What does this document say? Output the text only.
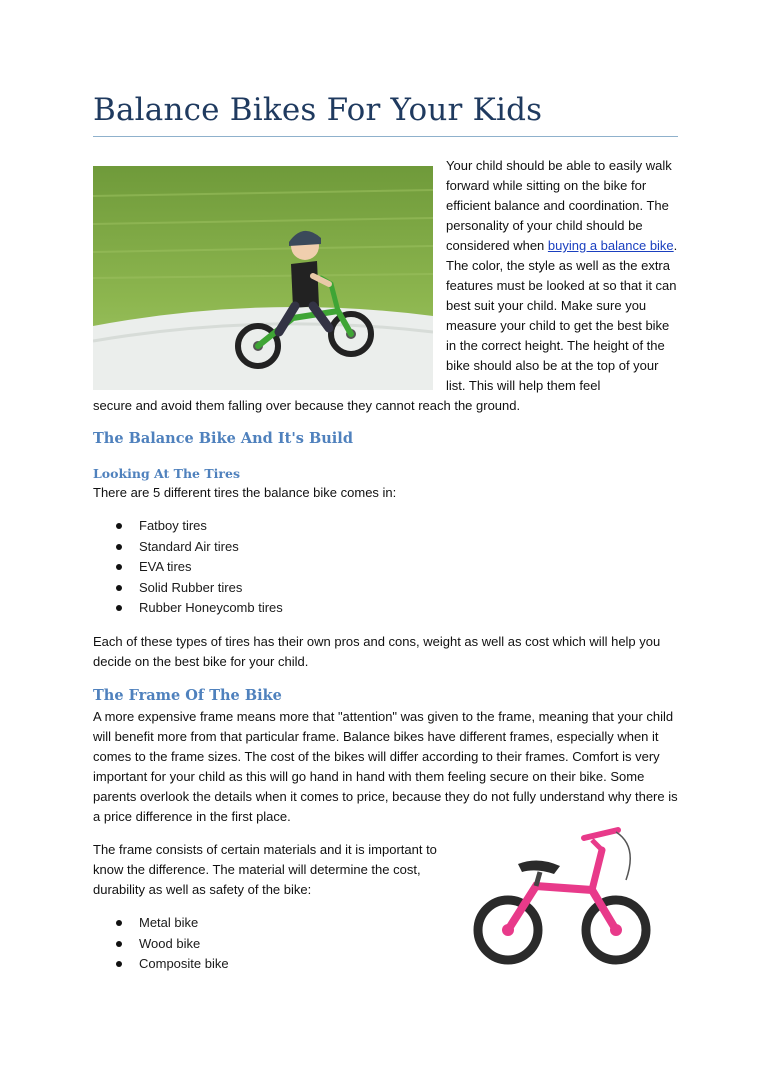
Balance Bikes For Your Kids
Your child should be able to easily walk forward while sitting on the bike for efficient balance and coordination. The personality of your child should be considered when buying a balance bike. The color, the style as well as the extra features must be looked at so that it can best suit your child. Make sure you measure your child to get the best bike in the correct height. The height of the bike should also be at the top of your list. This will help them feel
secure and avoid them falling over because they cannot reach the ground.
The Balance Bike And It's Build
Looking At The Tires
There are 5 different tires the balance bike comes in:
Fatboy tires
Standard Air tires
EVA tires
Solid Rubber tires
Rubber Honeycomb tires
Each of these types of tires has their own pros and cons, weight as well as cost which will help you decide on the best bike for your child.
The Frame Of The Bike
A more expensive frame means more that "attention" was given to the frame, meaning that your child will benefit more from that particular frame. Balance bikes have different frames, especially when it comes to the frame sizes. The cost of the bikes will differ according to their frames. Comfort is very important for your child as this will go hand in hand with them feeling secure on their bike. Some parents overlook the details when it comes to price, because they do not fully understand why there is a price difference in the first place.
The frame consists of certain materials and it is important to know the difference. The material will determine the cost, durability as well as safety of the bike:
Metal bike
Wood bike
Composite bike
